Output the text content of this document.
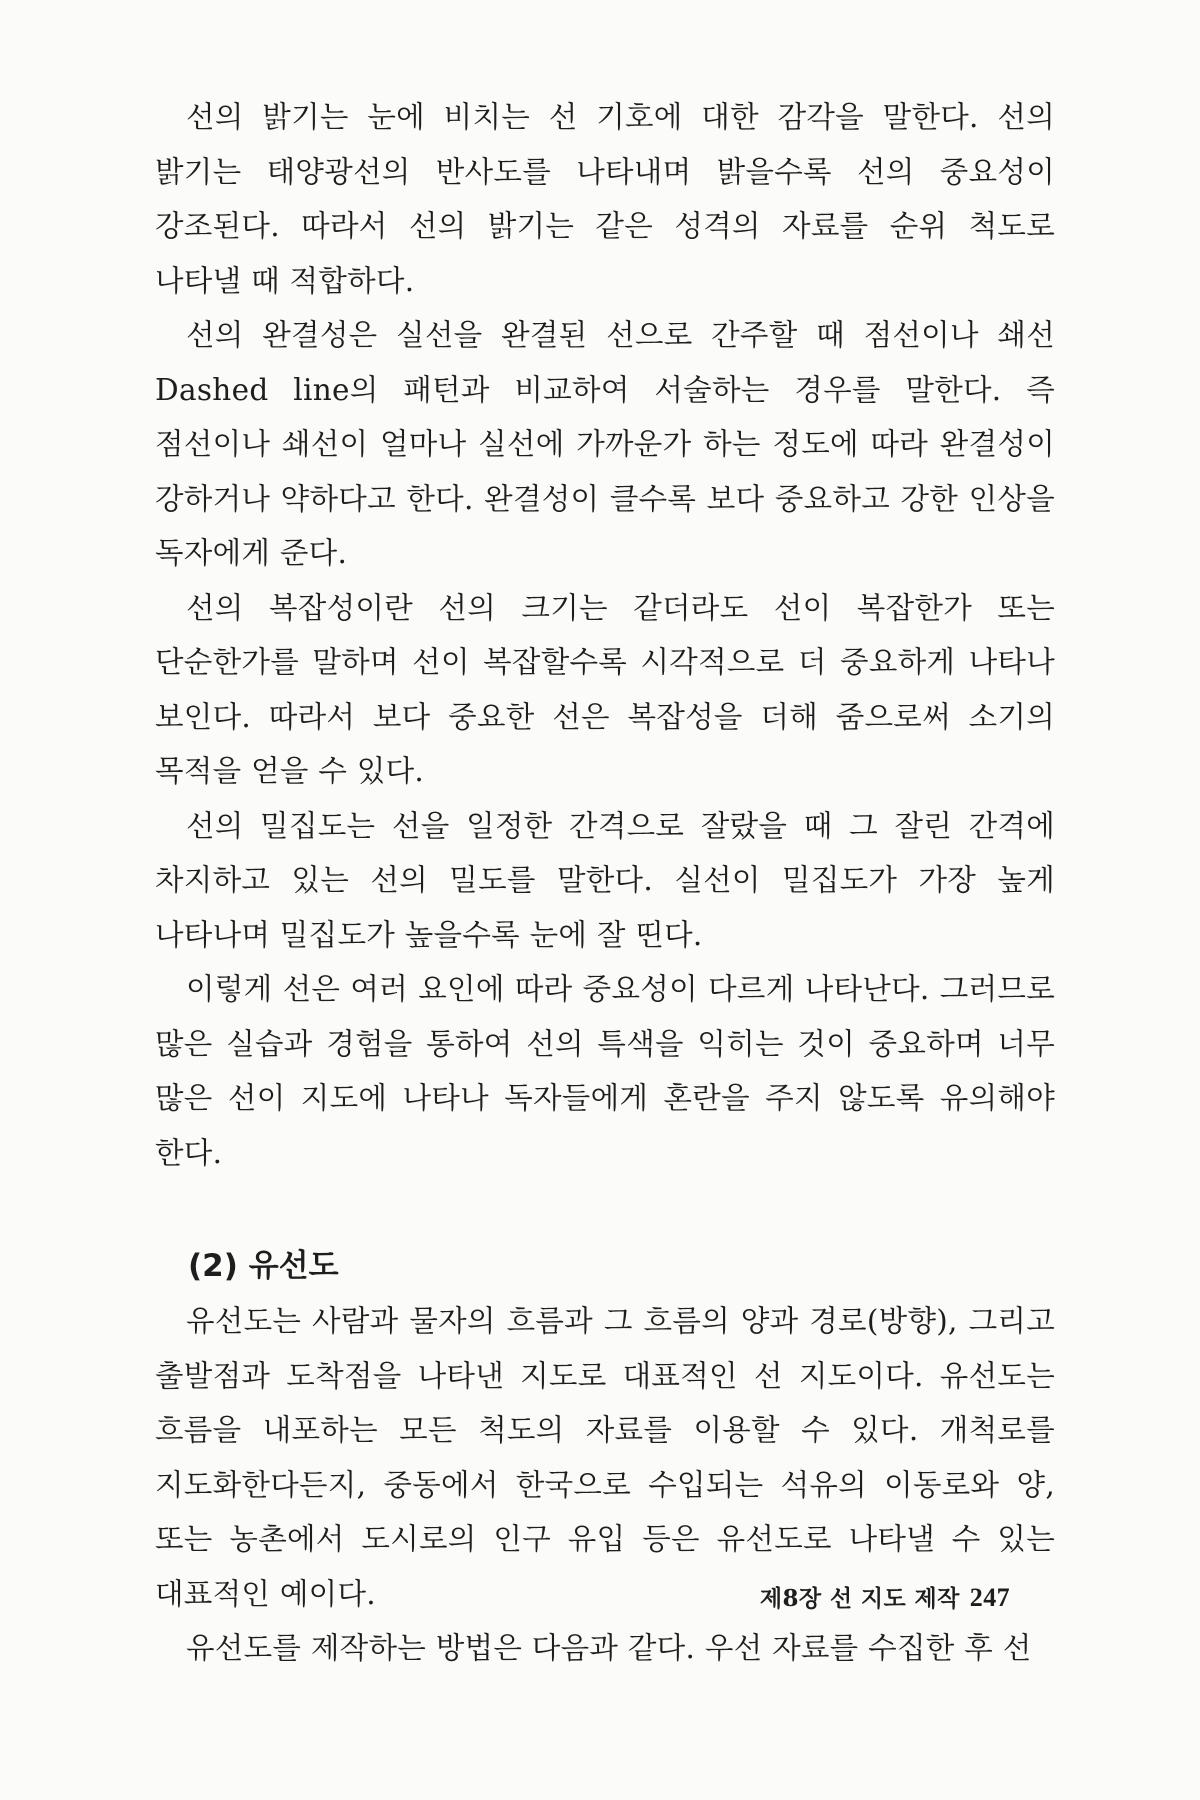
선의 밝기는 눈에 비치는 선 기호에 대한 감각을 말한다. 선의 밝기는 태양광선의 반사도를 나타내며 밝을수록 선의 중요성이 강조된다. 따라서 선의 밝기는 같은 성격의 자료를 순위 척도로 나타낼 때 적합하다.

선의 완결성은 실선을 완결된 선으로 간주할 때 점선이나 쇄선 Dashed line의 패턴과 비교하여 서술하는 경우를 말한다. 즉 점선이나 쇄선이 얼마나 실선에 가까운가 하는 정도에 따라 완결성이 강하거나 약하다고 한다. 완결성이 클수록 보다 중요하고 강한 인상을 독자에게 준다.

선의 복잡성이란 선의 크기는 같더라도 선이 복잡한가 또는 단순한가를 말하며 선이 복잡할수록 시각적으로 더 중요하게 나타나 보인다. 따라서 보다 중요한 선은 복잡성을 더해 줌으로써 소기의 목적을 얻을 수 있다.

선의 밀집도는 선을 일정한 간격으로 잘랐을 때 그 잘린 간격에 차지하고 있는 선의 밀도를 말한다. 실선이 밀집도가 가장 높게 나타나며 밀집도가 높을수록 눈에 잘 띤다.

이렇게 선은 여러 요인에 따라 중요성이 다르게 나타난다. 그러므로 많은 실습과 경험을 통하여 선의 특색을 익히는 것이 중요하며 너무 많은 선이 지도에 나타나 독자들에게 혼란을 주지 않도록 유의해야 한다.

(2) 유선도

유선도는 사람과 물자의 흐름과 그 흐름의 양과 경로(방향), 그리고 출발점과 도착점을 나타낸 지도로 대표적인 선 지도이다. 유선도는 흐름을 내포하는 모든 척도의 자료를 이용할 수 있다. 개척로를 지도화한다든지, 중동에서 한국으로 수입되는 석유의 이동로와 양, 또는 농촌에서 도시로의 인구 유입 등은 유선도로 나타낼 수 있는 대표적인 예이다.

유선도를 제작하는 방법은 다음과 같다. 우선 자료를 수집한 후 선

제8장 선 지도 제작 247
